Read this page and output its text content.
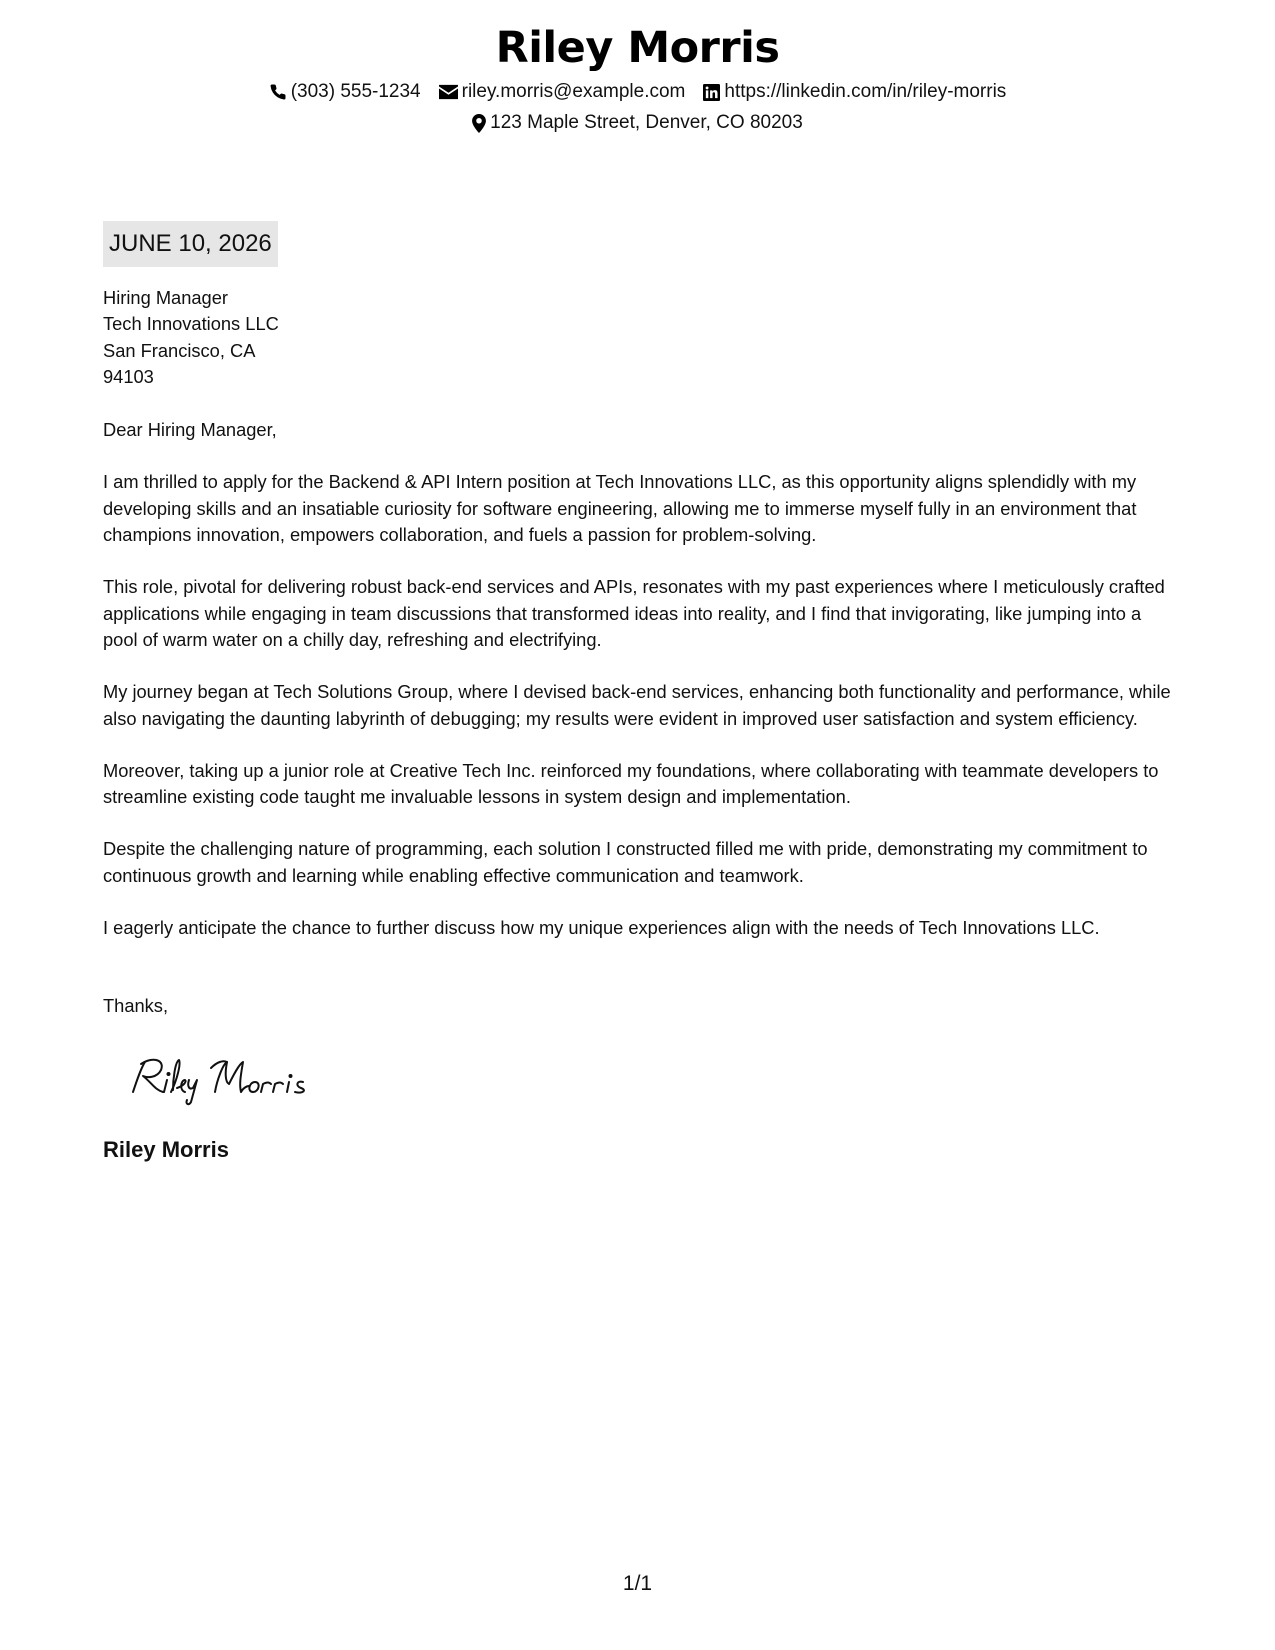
Riley Morris
(303) 555-1234 riley.morris@example.com https://linkedin.com/in/riley-morris
123 Maple Street, Denver, CO 80203
JUNE 10, 2026
Hiring Manager
Tech Innovations LLC
San Francisco, CA
94103
Dear Hiring Manager,
I am thrilled to apply for the Backend & API Intern position at Tech Innovations LLC, as this opportunity aligns splendidly with my developing skills and an insatiable curiosity for software engineering, allowing me to immerse myself fully in an environment that champions innovation, empowers collaboration, and fuels a passion for problem-solving.
This role, pivotal for delivering robust back-end services and APIs, resonates with my past experiences where I meticulously crafted applications while engaging in team discussions that transformed ideas into reality, and I find that invigorating, like jumping into a pool of warm water on a chilly day, refreshing and electrifying.
My journey began at Tech Solutions Group, where I devised back-end services, enhancing both functionality and performance, while also navigating the daunting labyrinth of debugging; my results were evident in improved user satisfaction and system efficiency.
Moreover, taking up a junior role at Creative Tech Inc. reinforced my foundations, where collaborating with teammate developers to streamline existing code taught me invaluable lessons in system design and implementation.
Despite the challenging nature of programming, each solution I constructed filled me with pride, demonstrating my commitment to continuous growth and learning while enabling effective communication and teamwork.
I eagerly anticipate the chance to further discuss how my unique experiences align with the needs of Tech Innovations LLC.
Thanks,
Riley Morris
1/1
